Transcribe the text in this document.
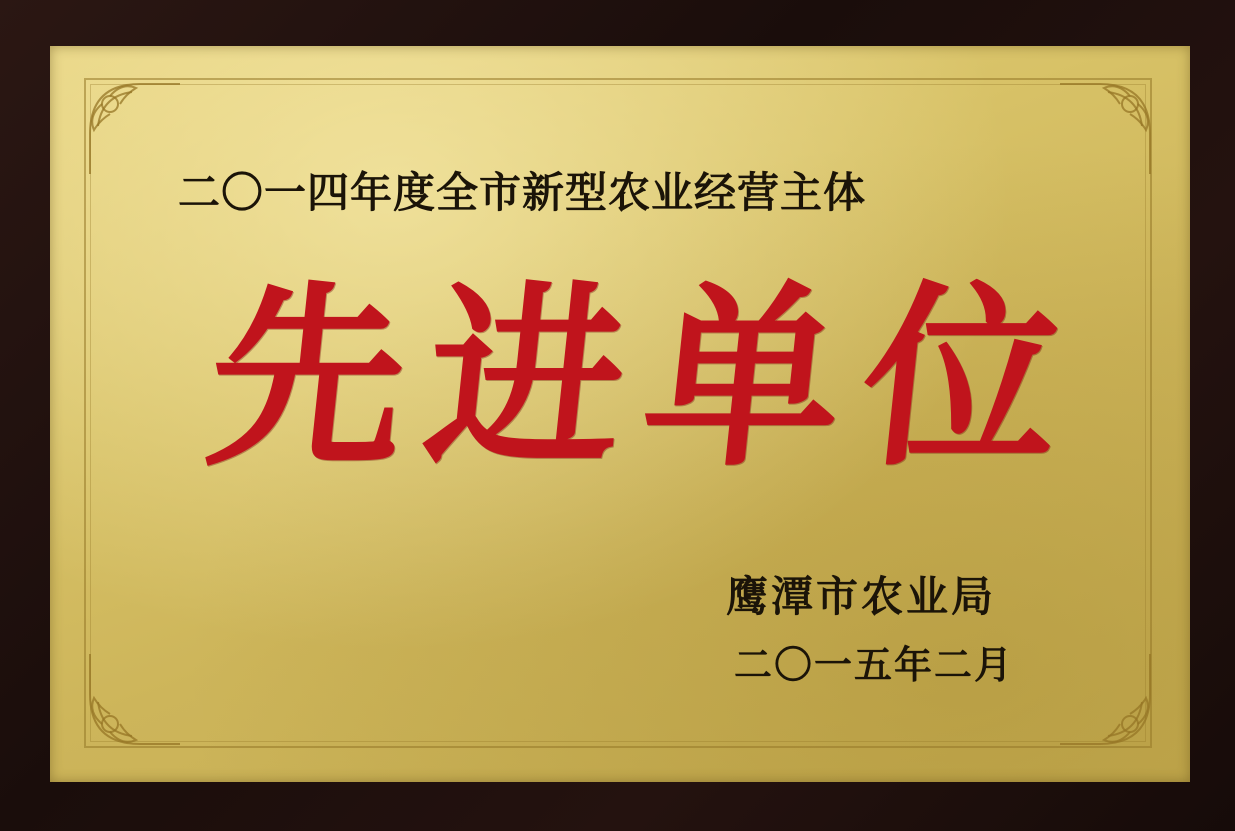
二〇一四年度全市新型农业经营主体
先进单位
鹰潭市农业局
二〇一五年二月
